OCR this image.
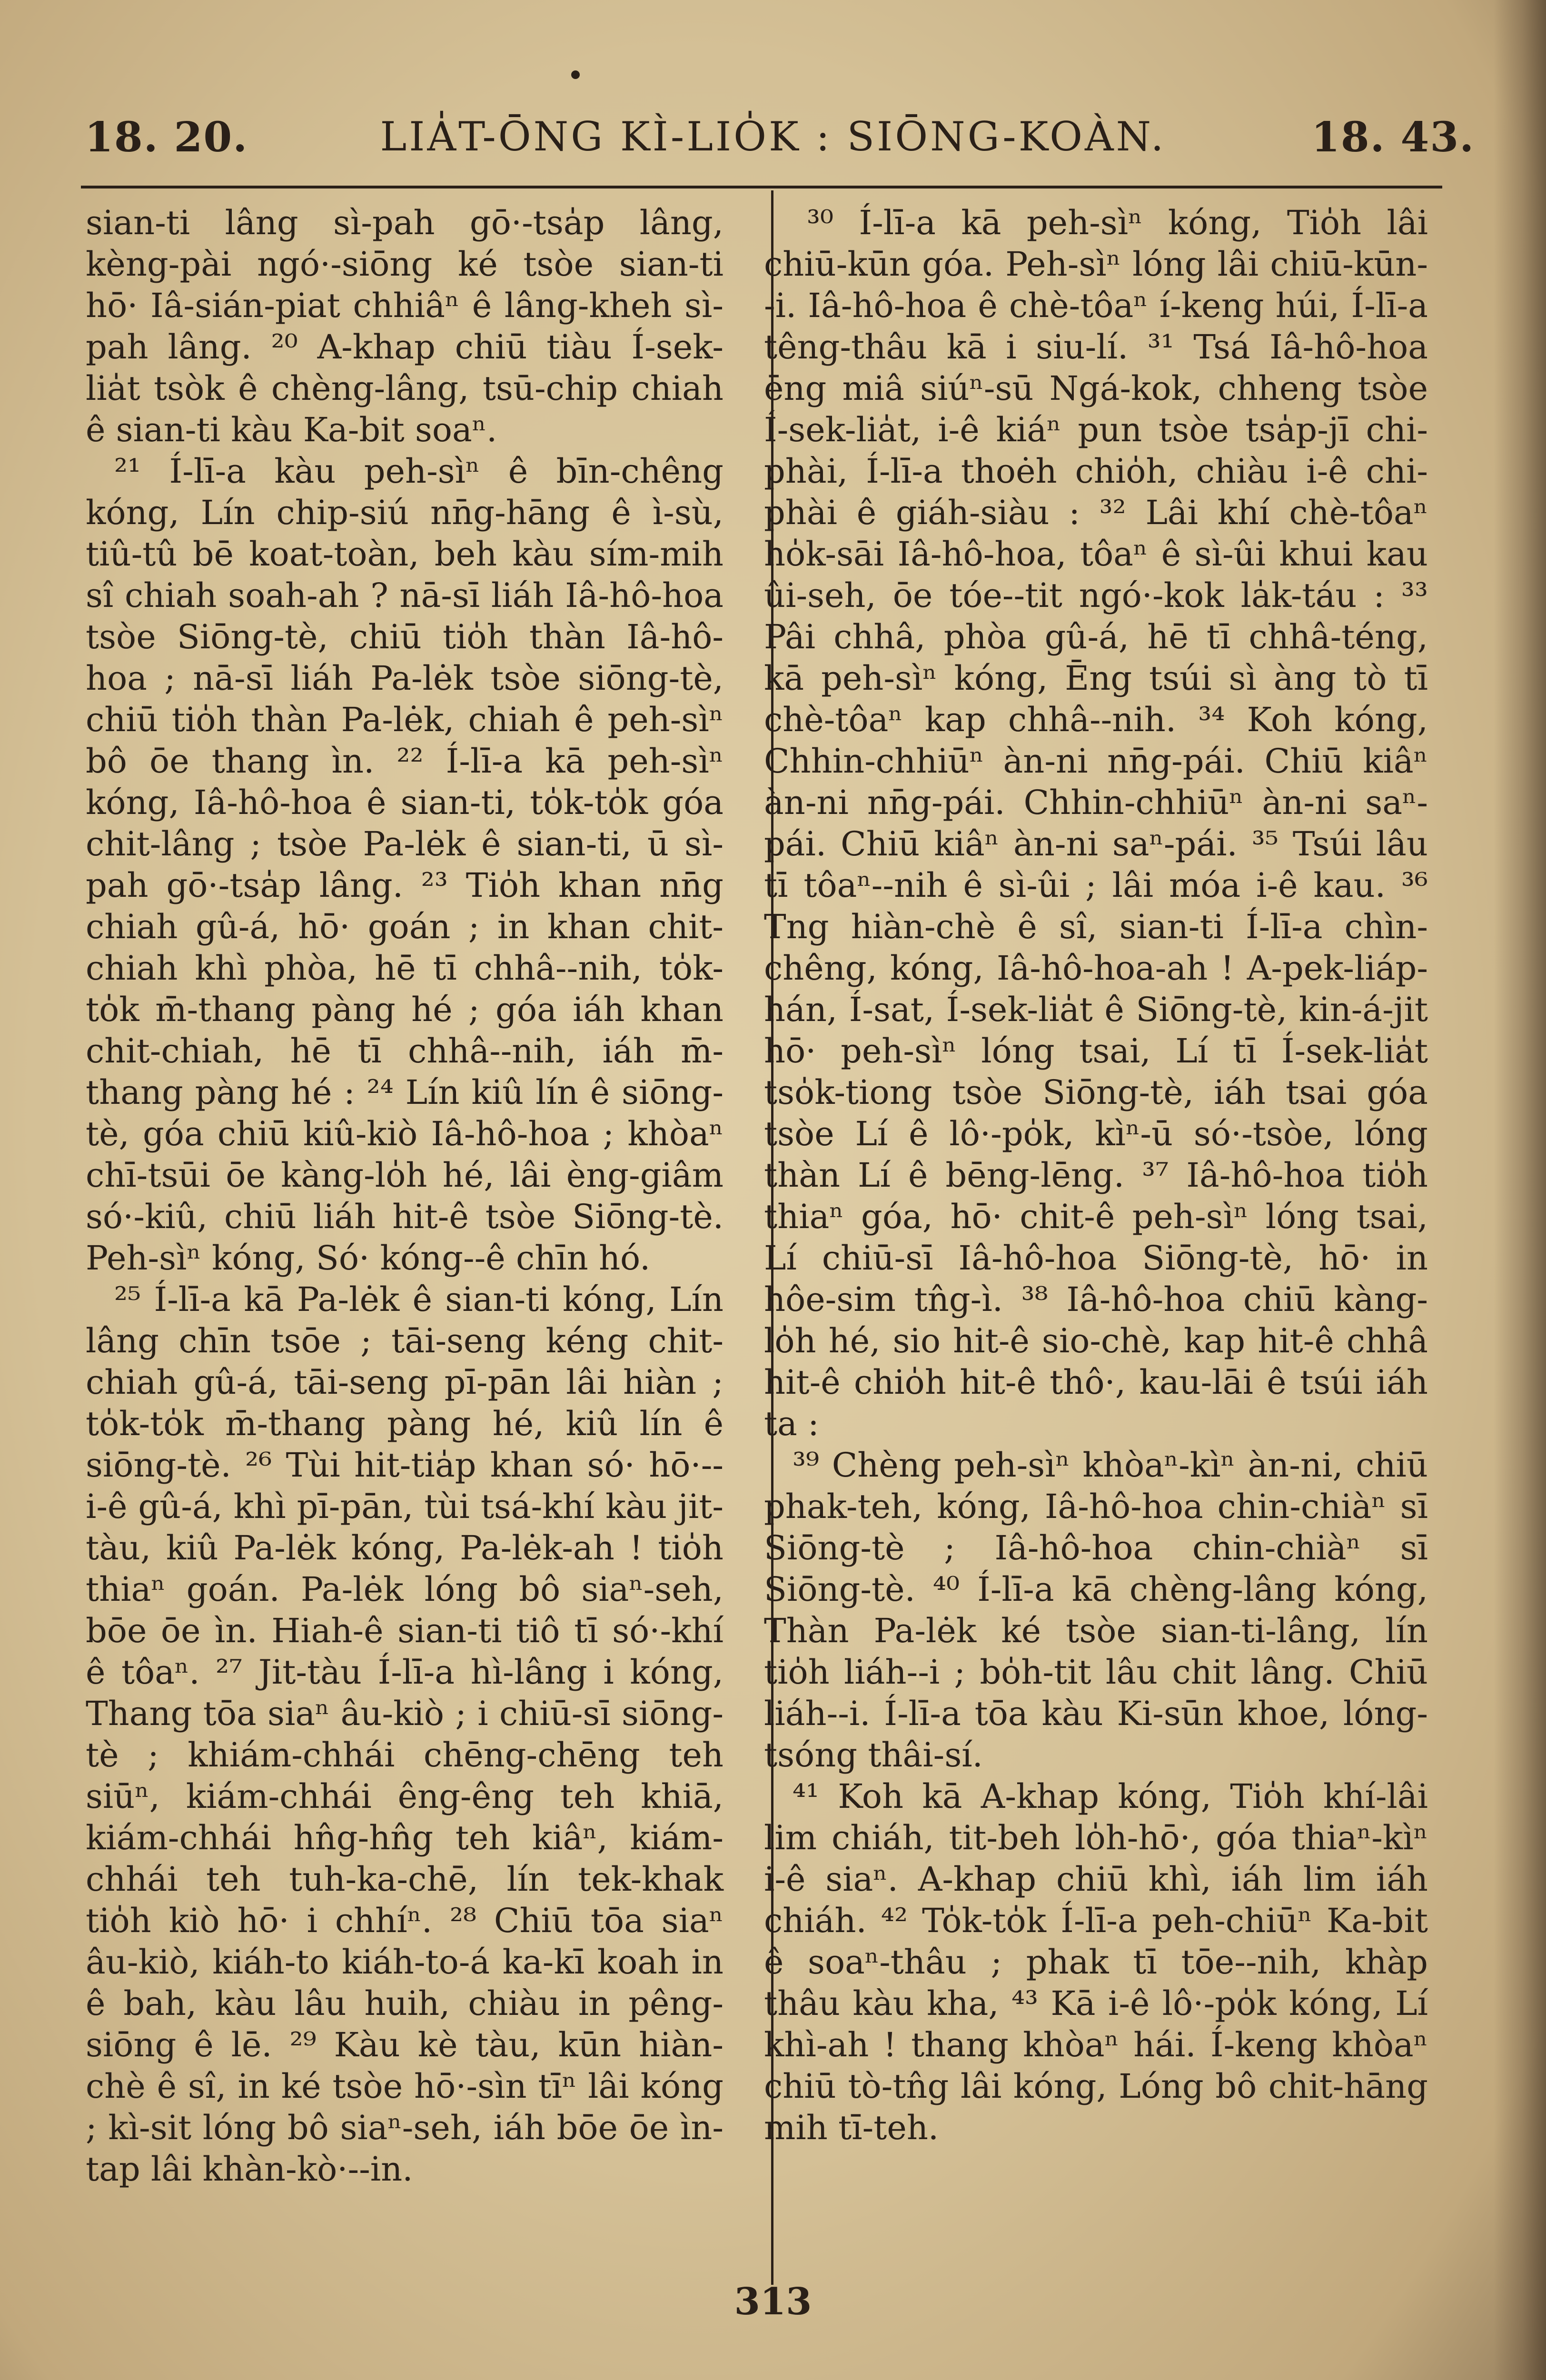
18. 20.	LIA̍T-ŌNG KÌ-LIO̍K : SIŌNG-KOÀN.	18. 43.

sian-ti lâng sì-pah gō·-tsa̍p lâng, kèng-pài ngó·-siōng ké tsòe sian-ti hō· Iâ-sián-piat chhiâⁿ ê lâng-kheh sì-pah lâng. ²⁰ A-khap chiū tiàu Í-sek-lia̍t tsòk ê chèng-lâng, tsū-chip chiah ê sian-ti kàu Ka-bit soaⁿ.

²¹ Í-lī-a kàu peh-sìⁿ ê bīn-chêng kóng, Lín chip-siú nn̄g-hāng ê ì-sù, tiû-tû bē koat-toàn, beh kàu sím-mih sî chiah soah-ah ? nā-sī liáh Iâ-hô-hoa tsòe Siōng-tè, chiū tio̍h thàn Iâ-hô-hoa ; nā-sī liáh Pa-lėk tsòe siōng-tè, chiū tio̍h thàn Pa-lėk, chiah ê peh-sìⁿ bô ōe thang ìn. ²² Í-lī-a kā peh-sìⁿ kóng, Iâ-hô-hoa ê sian-ti, to̍k-to̍k góa chit-lâng ; tsòe Pa-lėk ê sian-ti, ū sì-pah gō·-tsa̍p lâng. ²³ Tio̍h khan nn̄g chiah gû-á, hō· goán ; in khan chit-chiah khì phòa, hē tī chhâ--nih, to̍k-to̍k m̄-thang pàng hé ; góa iáh khan chit-chiah, hē tī chhâ--nih, iáh m̄-thang pàng hé : ²⁴ Lín kiû lín ê siōng-tè, góa chiū kiû-kiò Iâ-hô-hoa ; khòaⁿ chī-tsūi ōe kàng-lo̍h hé, lâi èng-giâm só·-kiû, chiū liáh hit-ê tsòe Siōng-tè. Peh-sìⁿ kóng, Só· kóng--ê chīn hó.

²⁵ Í-lī-a kā Pa-lėk ê sian-ti kóng, Lín lâng chīn tsōe ; tāi-seng kéng chit-chiah gû-á, tāi-seng pī-pān lâi hiàn ; to̍k-to̍k m̄-thang pàng hé, kiû lín ê siōng-tè. ²⁶ Tùi hit-tia̍p khan só· hō·--i-ê gû-á, khì pī-pān, tùi tsá-khí kàu jit-tàu, kiû Pa-lėk kóng, Pa-lėk-ah ! tio̍h thiaⁿ goán. Pa-lėk lóng bô siaⁿ-seh, bōe ōe ìn. Hiah-ê sian-ti tiô tī só·-khí ê tôaⁿ. ²⁷ Jit-tàu Í-lī-a hì-lâng i kóng, Thang tōa siaⁿ âu-kiò ; i chiū-sī siōng-tè ; khiám-chhái chēng-chēng teh siūⁿ, kiám-chhái êng-êng teh khiā, kiám-chhái hn̂g-hn̂g teh kiâⁿ, kiám-chhái teh tuh-ka-chē, lín tek-khak tio̍h kiò hō· i chhíⁿ. ²⁸ Chiū tōa siaⁿ âu-kiò, kiáh-to kiáh-to-á ka-kī koah in ê bah, kàu lâu huih, chiàu in pêng-siōng ê lē. ²⁹ Kàu kè tàu, kūn hiàn-chè ê sî, in ké tsòe hō·-sìn tīⁿ lâi kóng ; kì-sit lóng bô siaⁿ-seh, iáh bōe ōe ìn-tap lâi khàn-kò·--in.

³⁰ Í-lī-a kā peh-sìⁿ kóng, Tio̍h lâi chiū-kūn góa. Peh-sìⁿ lóng lâi chiū-kūn--i. Iâ-hô-hoa ê chè-tôaⁿ í-keng húi, Í-lī-a têng-thâu kā i siu-lí. ³¹ Tsá Iâ-hô-hoa ēng miâ siúⁿ-sū Ngá-kok, chheng tsòe Í-sek-lia̍t, i-ê kiáⁿ pun tsòe tsa̍p-jī chi-phài, Í-lī-a thoėh chio̍h, chiàu i-ê chi-phài ê giáh-siàu : ³² Lâi khí chè-tôaⁿ ho̍k-sāi Iâ-hô-hoa, tôaⁿ ê sì-ûi khui kau ûi-seh, ōe tóe--tit ngó·-kok la̍k-táu : ³³ Pâi chhâ, phòa gû-á, hē tī chhâ-téng, kā peh-sìⁿ kóng, Ēng tsúi sì àng tò tī chè-tôaⁿ kap chhâ--nih. ³⁴ Koh kóng, Chhin-chhiūⁿ àn-ni nn̄g-pái. Chiū kiâⁿ àn-ni nn̄g-pái. Chhin-chhiūⁿ àn-ni saⁿ-pái. Chiū kiâⁿ àn-ni saⁿ-pái. ³⁵ Tsúi lâu tī tôaⁿ--nih ê sì-ûi ; lâi móa i-ê kau. ³⁶ Tng hiàn-chè ê sî, sian-ti Í-lī-a chìn-chêng, kóng, Iâ-hô-hoa-ah ! A-pek-liáp-hán, Í-sat, Í-sek-lia̍t ê Siōng-tè, kin-á-jit hō· peh-sìⁿ lóng tsai, Lí tī Í-sek-lia̍t tso̍k-tiong tsòe Siōng-tè, iáh tsai góa tsòe Lí ê lô·-po̍k, kìⁿ-ū só·-tsòe, lóng thàn Lí ê bēng-lēng. ³⁷ Iâ-hô-hoa tio̍h thiaⁿ góa, hō· chit-ê peh-sìⁿ lóng tsai, Lí chiū-sī Iâ-hô-hoa Siōng-tè, hō· in hôe-sim tn̂g-ì. ³⁸ Iâ-hô-hoa chiū kàng-lo̍h hé, sio hit-ê sio-chè, kap hit-ê chhâ hit-ê chio̍h hit-ê thô·, kau-lāi ê tsúi iáh ta :

³⁹ Chèng peh-sìⁿ khòaⁿ-kìⁿ àn-ni, chiū phak-teh, kóng, Iâ-hô-hoa chin-chiàⁿ sī Siōng-tè ; Iâ-hô-hoa chin-chiàⁿ sī Siōng-tè. ⁴⁰ Í-lī-a kā chèng-lâng kóng, Thàn Pa-lėk ké tsòe sian-ti-lâng, lín tio̍h liáh--i ; bo̍h-tit lâu chit lâng. Chiū liáh--i. Í-lī-a tōa kàu Ki-sūn khoe, lóng-tsóng thâi-sí.

⁴¹ Koh kā A-khap kóng, Tio̍h khí-lâi lim chiáh, tit-beh lo̍h-hō·, góa thiaⁿ-kìⁿ i-ê siaⁿ. A-khap chiū khì, iáh lim iáh chiáh. ⁴² To̍k-to̍k Í-lī-a peh-chiūⁿ Ka-bit ê soaⁿ-thâu ; phak tī tōe--nih, khàp thâu kàu kha, ⁴³ Kā i-ê lô·-po̍k kóng, Lí khì-ah ! thang khòaⁿ hái. Í-keng khòaⁿ chiū tò-tn̂g lâi kóng, Lóng bô chit-hāng mih tī-teh.

313
